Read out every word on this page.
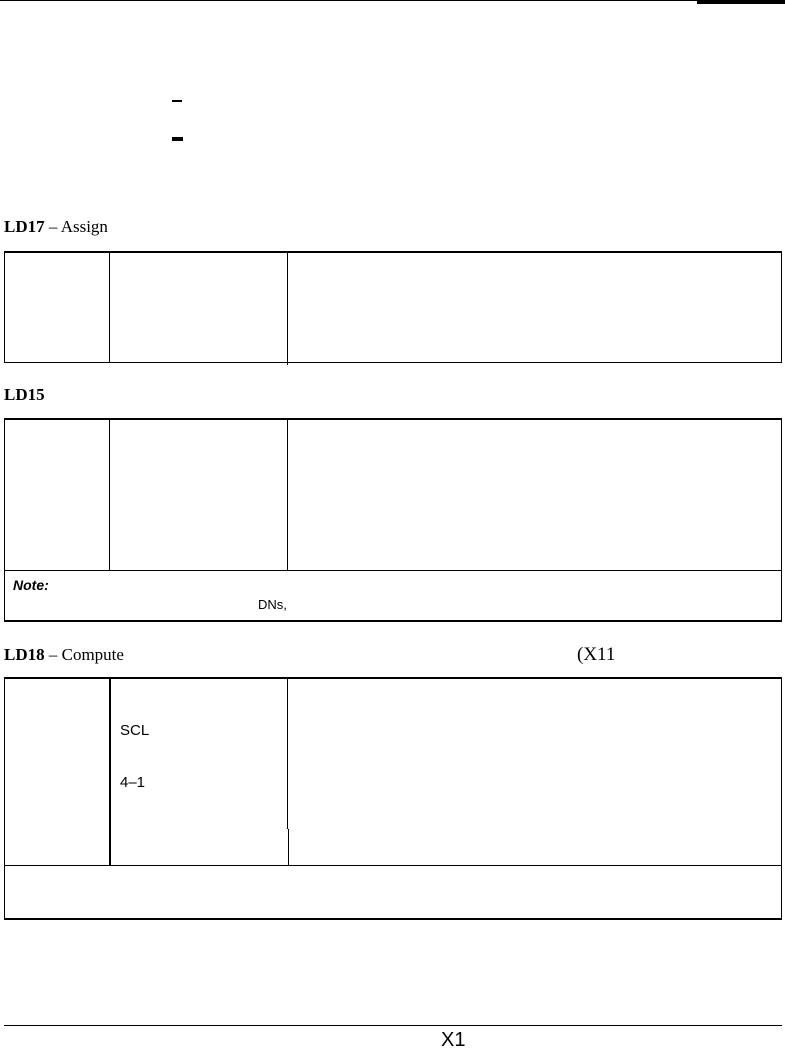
LD17 – Assign
LD15
Note:
DNs,
LD18 – Compute	(X11
SCL
4–1
X1
